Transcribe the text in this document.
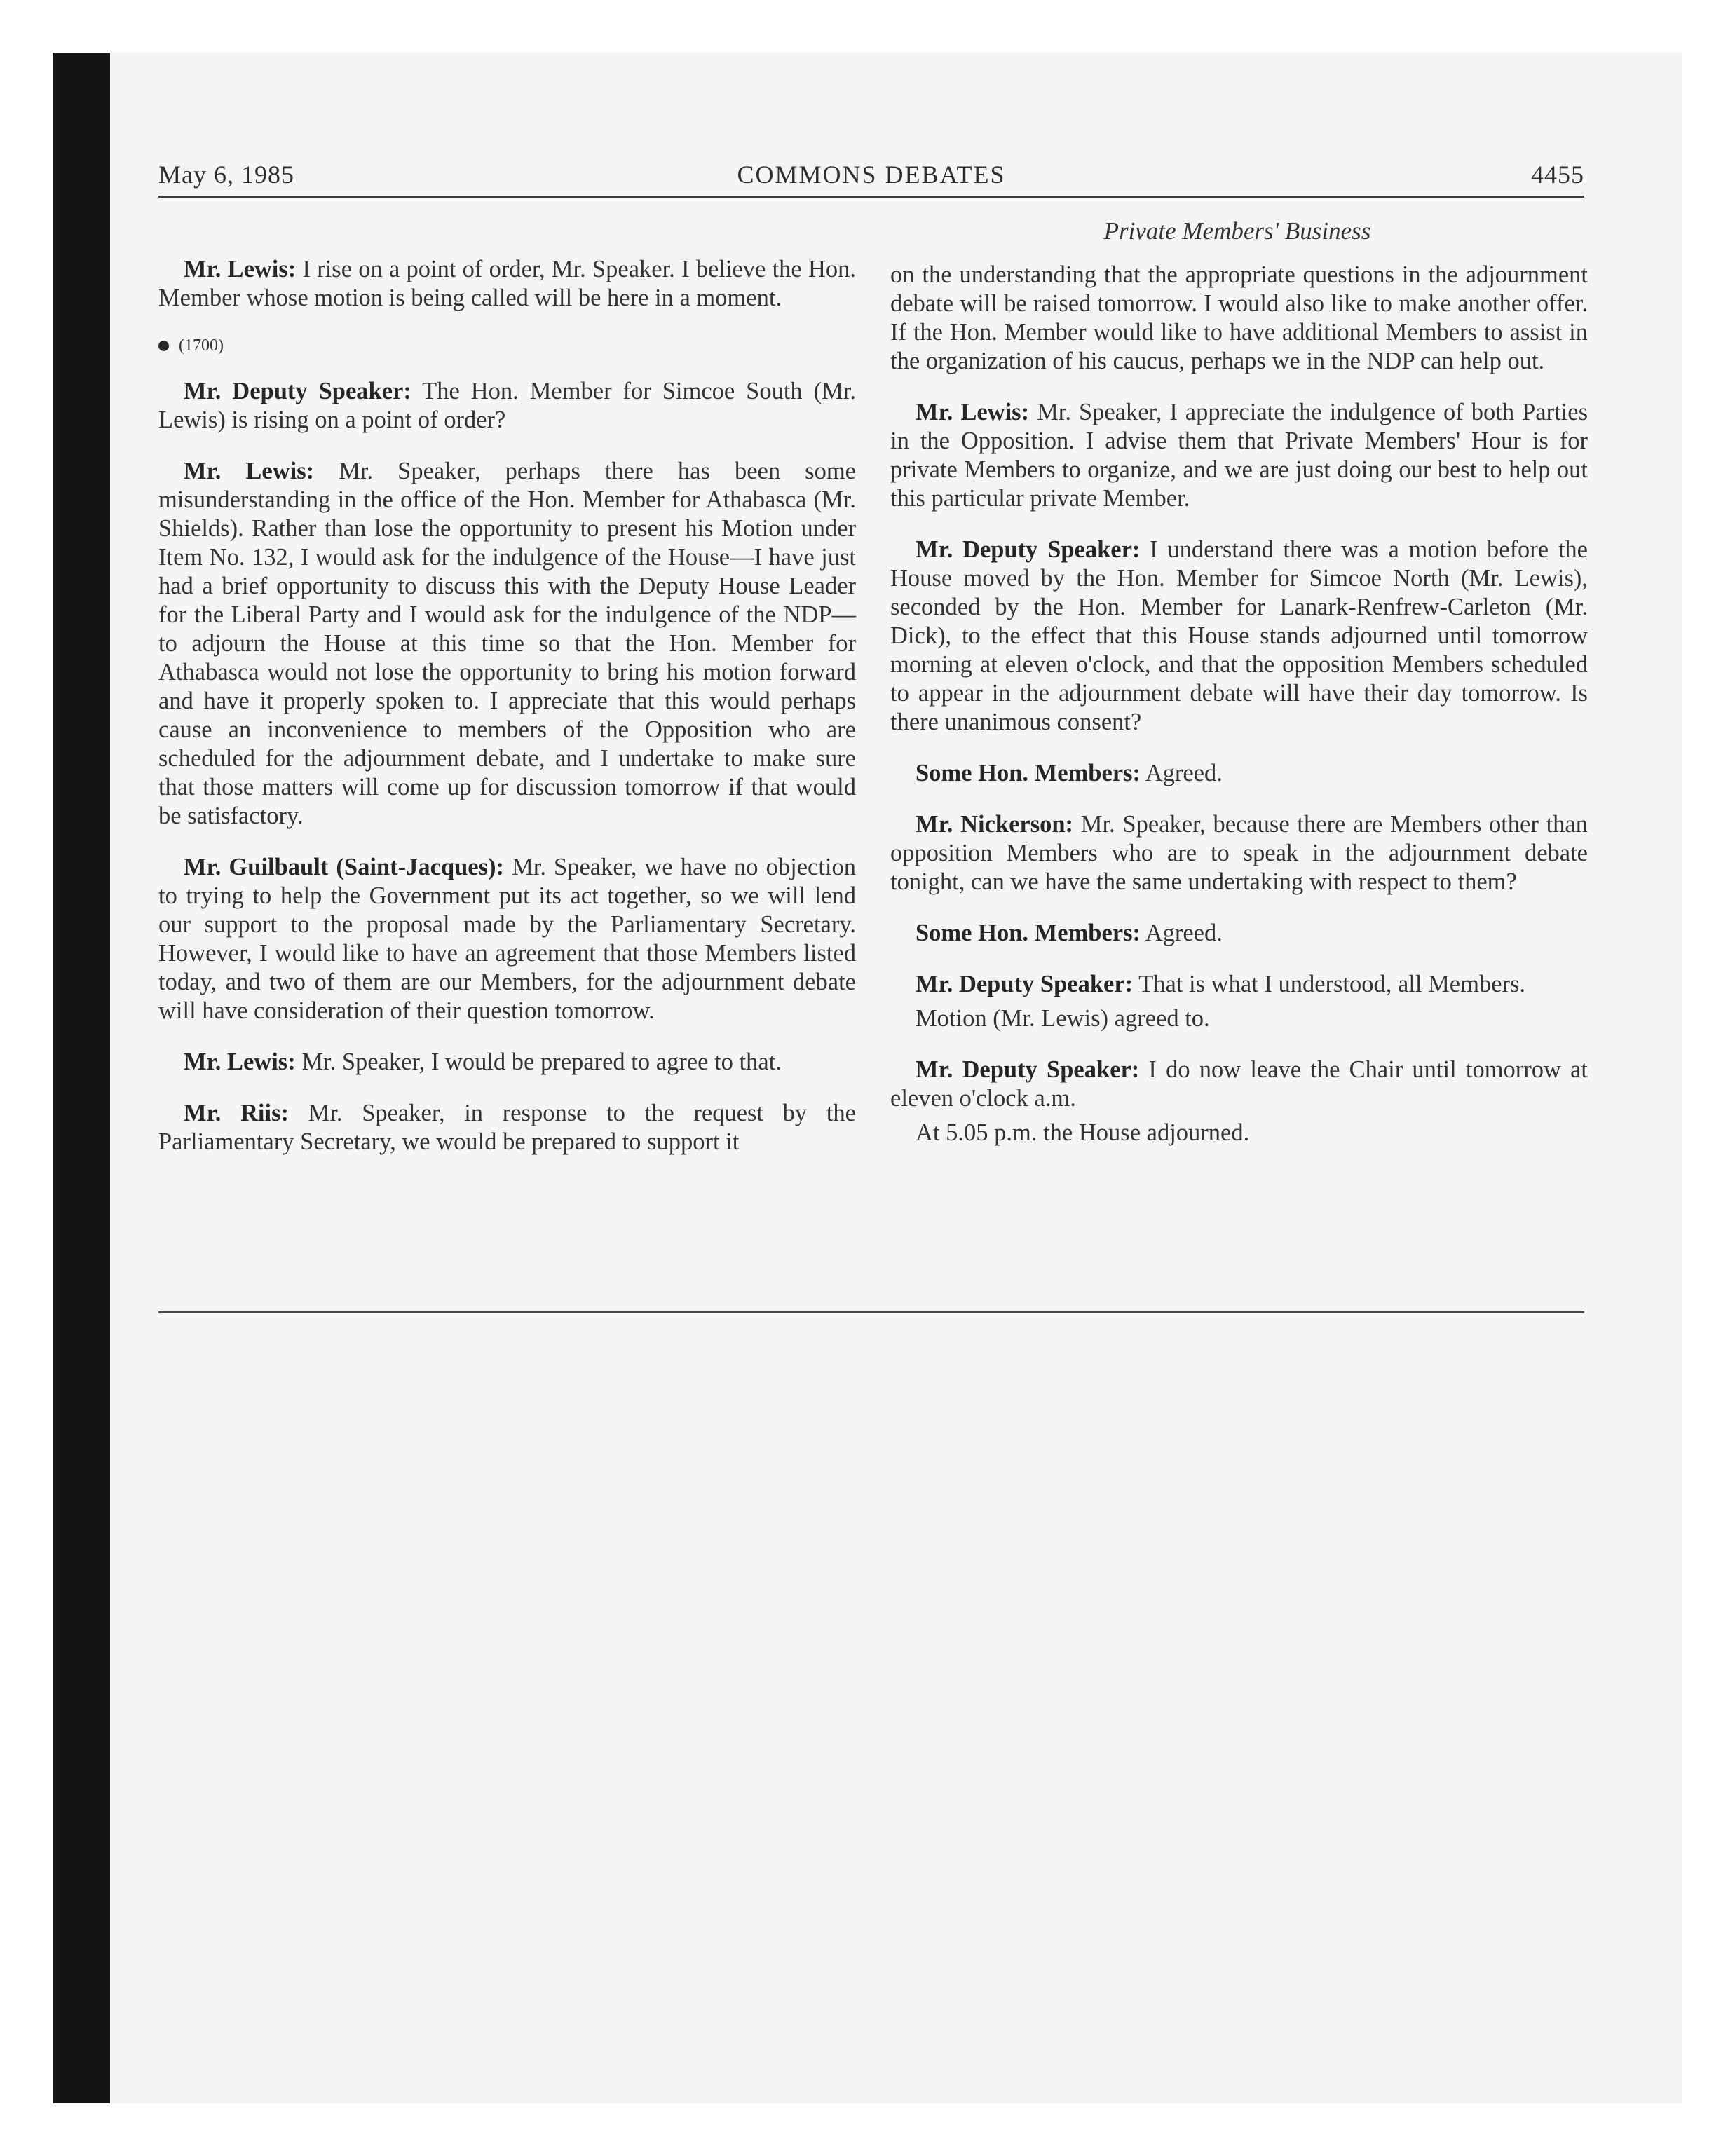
May 6, 1985	COMMONS DEBATES	4455
Private Members' Business

Mr. Lewis: I rise on a point of order, Mr. Speaker. I believe the Hon. Member whose motion is being called will be here in a moment.

(1700)

Mr. Deputy Speaker: The Hon. Member for Simcoe South (Mr. Lewis) is rising on a point of order?

Mr. Lewis: Mr. Speaker, perhaps there has been some misunderstanding in the office of the Hon. Member for Athabasca (Mr. Shields). Rather than lose the opportunity to present his Motion under Item No. 132, I would ask for the indulgence of the House—I have just had a brief opportunity to discuss this with the Deputy House Leader for the Liberal Party and I would ask for the indulgence of the NDP—to adjourn the House at this time so that the Hon. Member for Athabasca would not lose the opportunity to bring his motion forward and have it properly spoken to. I appreciate that this would perhaps cause an inconvenience to members of the Opposition who are scheduled for the adjournment debate, and I undertake to make sure that those matters will come up for discussion tomorrow if that would be satisfactory.

Mr. Guilbault (Saint-Jacques): Mr. Speaker, we have no objection to trying to help the Government put its act together, so we will lend our support to the proposal made by the Parliamentary Secretary. However, I would like to have an agreement that those Members listed today, and two of them are our Members, for the adjournment debate will have consideration of their question tomorrow.

Mr. Lewis: Mr. Speaker, I would be prepared to agree to that.

Mr. Riis: Mr. Speaker, in response to the request by the Parliamentary Secretary, we would be prepared to support it

on the understanding that the appropriate questions in the adjournment debate will be raised tomorrow. I would also like to make another offer. If the Hon. Member would like to have additional Members to assist in the organization of his caucus, perhaps we in the NDP can help out.

Mr. Lewis: Mr. Speaker, I appreciate the indulgence of both Parties in the Opposition. I advise them that Private Members' Hour is for private Members to organize, and we are just doing our best to help out this particular private Member.

Mr. Deputy Speaker: I understand there was a motion before the House moved by the Hon. Member for Simcoe North (Mr. Lewis), seconded by the Hon. Member for Lanark-Renfrew-Carleton (Mr. Dick), to the effect that this House stands adjourned until tomorrow morning at eleven o'clock, and that the opposition Members scheduled to appear in the adjournment debate will have their day tomorrow. Is there unanimous consent?

Some Hon. Members: Agreed.

Mr. Nickerson: Mr. Speaker, because there are Members other than opposition Members who are to speak in the adjournment debate tonight, can we have the same undertaking with respect to them?

Some Hon. Members: Agreed.

Mr. Deputy Speaker: That is what I understood, all Members.

Motion (Mr. Lewis) agreed to.

Mr. Deputy Speaker: I do now leave the Chair until tomorrow at eleven o'clock a.m.

At 5.05 p.m. the House adjourned.
